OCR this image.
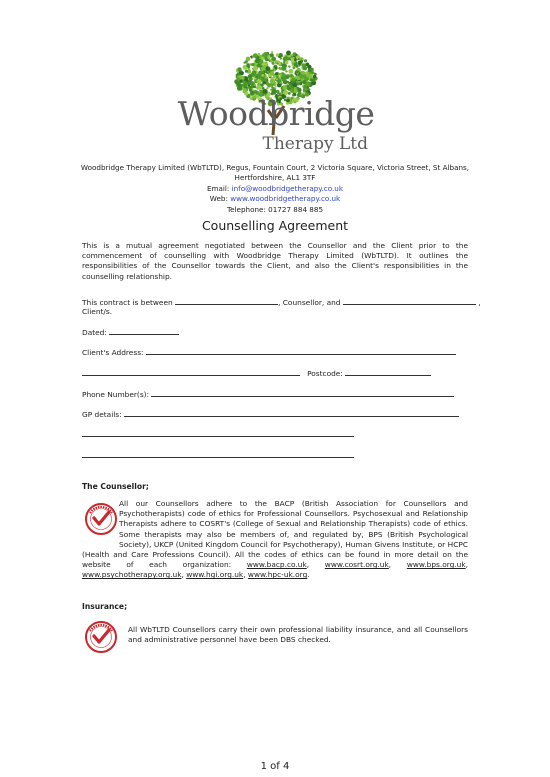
Woodbridge
Therapy Ltd
Woodbridge Therapy Limited (WbTLTD), Regus, Fountain Court, 2 Victoria Square, Victoria Street, St Albans,
Hertfordshire, AL1 3TF
Email: info@woodbridgetherapy.co.uk
Web: www.woodbridgetherapy.co.uk
Telephone: 01727 884 885
Counselling Agreement
This is a mutual agreement negotiated between the Counsellor and the Client prior to the commencement of counselling with Woodbridge Therapy Limited (WbTLTD). It outlines the responsibilities of the Counsellor towards the Client, and also the Client's responsibilities in the counselling relationship.
This contract is between	, Counsellor, and	,
Client/s.
Dated:
Client's Address:
Postcode:
Phone Number(s):
GP details:
The Counsellor;
All our Counsellors adhere to the BACP (British Association for Counsellors and Psychotherapists) code of ethics for Professional Counsellors. Psychosexual and Relationship Therapists adhere to COSRT's (College of Sexual and Relationship Therapists) code of ethics. Some therapists may also be members of, and regulated by, BPS (British Psychological Society), UKCP (United Kingdom Council for Psychotherapy), Human Givens Institute, or HCPC (Health and Care Professions Council). All the codes of ethics can be found in more detail on the website of each organization: www.bacp.co.uk, www.cosrt.org.uk, www.bps.org.uk, www.psychotherapy.org.uk, www.hgi.org.uk, www.hpc-uk.org.
Insurance;
All WbTLTD Counsellors carry their own professional liability insurance, and all Counsellors and administrative personnel have been DBS checked.
1 of 4
